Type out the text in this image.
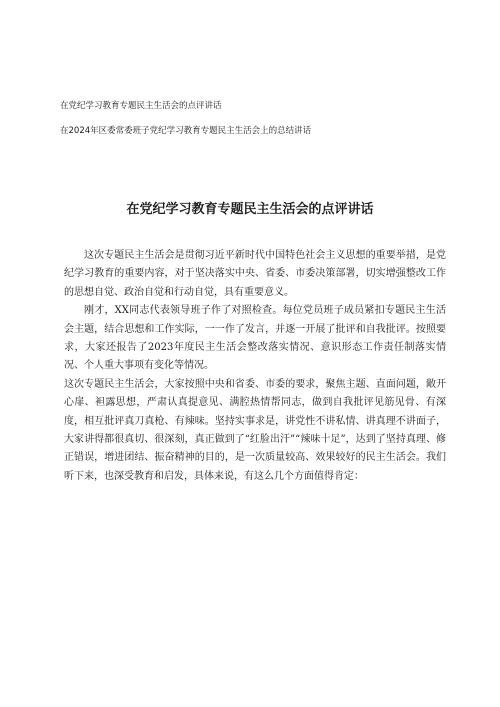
在党纪学习教育专题民主生活会的点评讲话
在2024年区委常委班子党纪学习教育专题民主生活会上的总结讲话
在党纪学习教育专题民主生活会的点评讲话

这次专题民主生活会是贯彻习近平新时代中国特色社会主义思想的重要举措，是党纪学习教育的重要内容，对于坚决落实中央、省委、市委决策部署，切实增强整改工作的思想自觉、政治自觉和行动自觉，具有重要意义。

刚才，XX同志代表领导班子作了对照检查。每位党员班子成员紧扣专题民主生活会主题，结合思想和工作实际，一一作了发言，并逐一开展了批评和自我批评。按照要求，大家还报告了2023年度民主生活会整改落实情况、意识形态工作责任制落实情况、个人重大事项有变化等情况。

这次专题民主生活会，大家按照中央和省委、市委的要求，聚焦主题、直面问题，敞开心扉、袒露思想，严肃认真提意见、满腔热情帮同志，做到自我批评见筋见骨、有深度，相互批评真刀真枪、有辣味。坚持实事求是，讲党性不讲私情、讲真理不讲面子，大家讲得都很真切、很深刻，真正做到了“红脸出汗”“辣味十足”，达到了坚持真理、修正错误，增进团结、振奋精神的目的，是一次质量较高、效果较好的民主生活会。我们听下来，也深受教育和启发，具体来说，有这么几个方面值得肯定：
